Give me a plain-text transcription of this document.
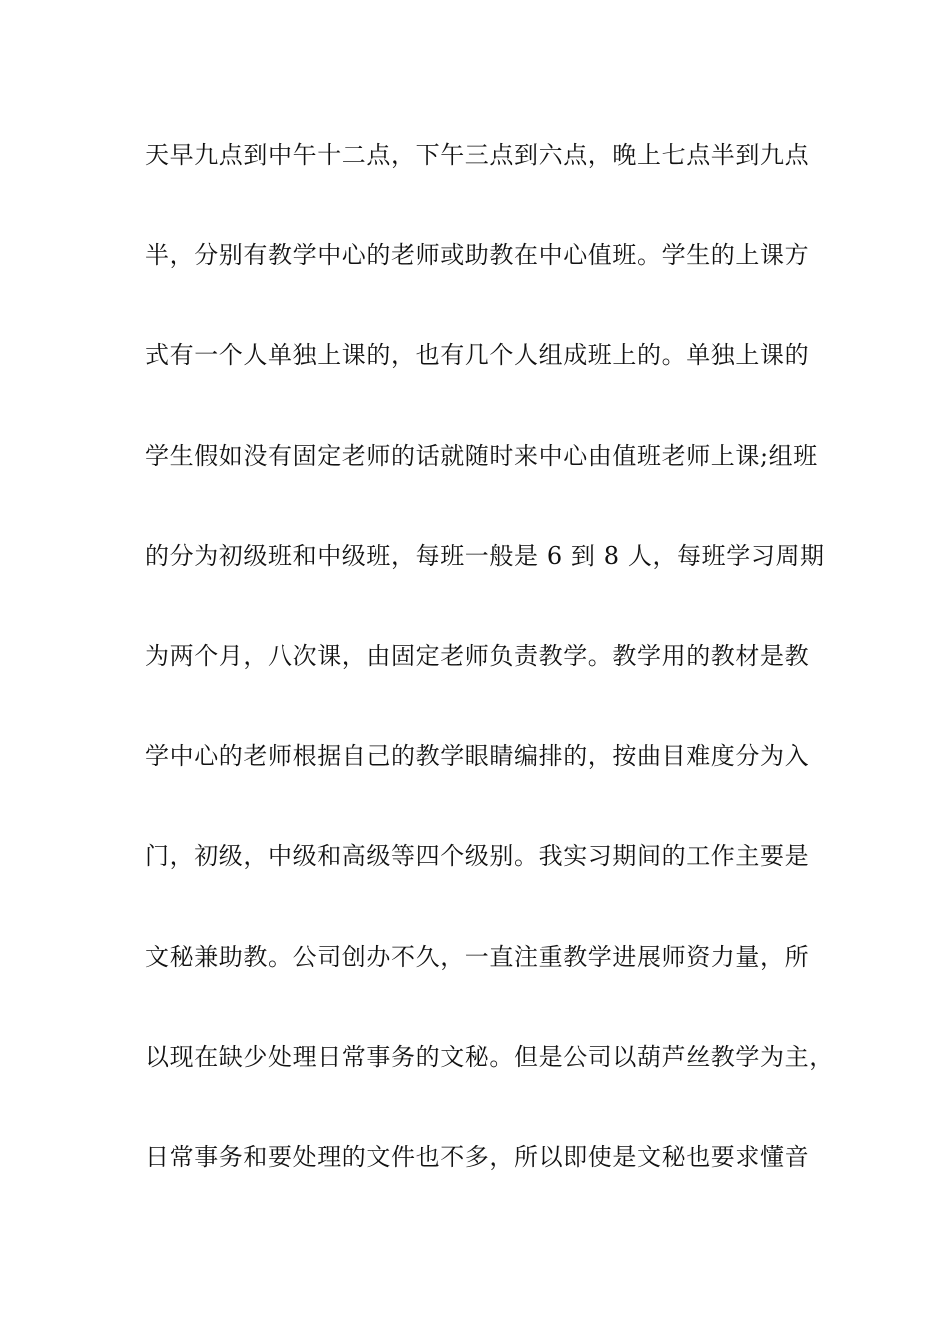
天早九点到中午十二点，下午三点到六点，晚上七点半到九点
半，分别有教学中心的老师或助教在中心值班。学生的上课方
式有一个人单独上课的，也有几个人组成班上的。单独上课的
学生假如没有固定老师的话就随时来中心由值班老师上课;组班
的分为初级班和中级班，每班一般是 6 到 8 人，每班学习周期
为两个月，八次课，由固定老师负责教学。教学用的教材是教
学中心的老师根据自己的教学眼睛编排的，按曲目难度分为入
门，初级，中级和高级等四个级别。我实习期间的工作主要是
文秘兼助教。公司创办不久，一直注重教学进展师资力量，所
以现在缺少处理日常事务的文秘。但是公司以葫芦丝教学为主，
日常事务和要处理的文件也不多，所以即使是文秘也要求懂音
